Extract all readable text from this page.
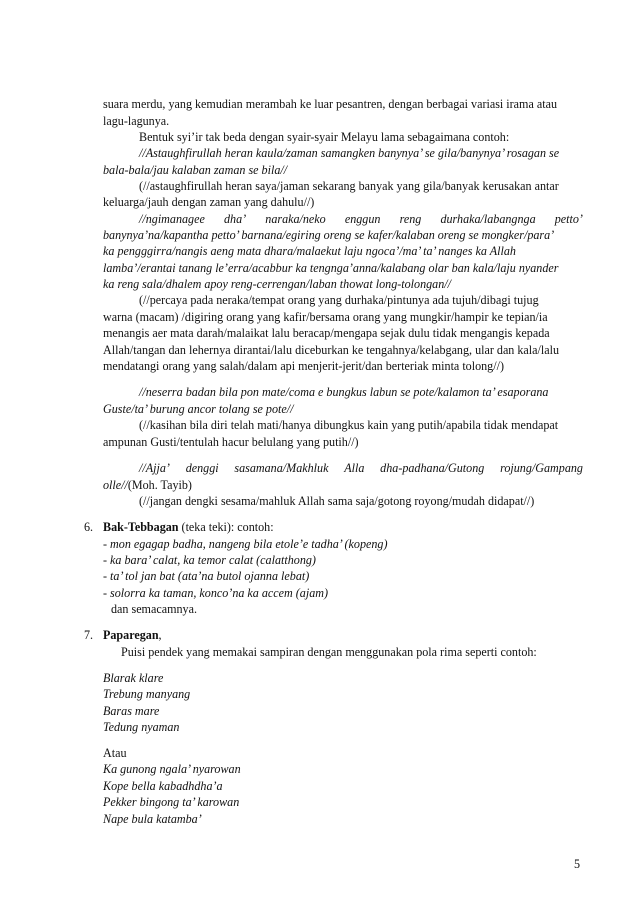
suara merdu, yang kemudian merambah ke luar pesantren, dengan berbagai variasi irama atau
lagu-lagunya.
Bentuk syi’ir tak beda dengan syair-syair Melayu lama sebagaimana contoh:
//Astaughfirullah heran kaula/zaman samangken banynya’ se gila/banynya’ rosagan se
bala-bala/jau kalaban zaman se bila//
(//astaughfirullah heran saya/jaman sekarang banyak yang gila/banyak kerusakan antar
keluarga/jauh dengan zaman yang dahulu//)
//ngimanagee dha’ naraka/neko enggun reng durhaka/labangnga petto’
banynya’na/kapantha petto’ barnana/egiring oreng se kafer/kalaban oreng se mongker/para’
ka pengggirra/nangis aeng mata dhara/malaekut laju ngoca’/ma’ ta’ nanges ka Allah
lamba’/erantai tanang le’erra/acabbur ka tengnga’anna/kalabang olar ban kala/laju nyander
ka reng sala/dhalem apoy reng-cerrengan/laban thowat long-tolongan//
(//percaya pada neraka/tempat orang yang durhaka/pintunya ada tujuh/dibagi tujug
warna (macam) /digiring orang yang kafir/bersama orang yang mungkir/hampir ke tepian/ia
menangis aer mata darah/malaikat lalu beracap/mengapa sejak dulu tidak mengangis kepada
Allah/tangan dan lehernya dirantai/lalu diceburkan ke tengahnya/kelabgang, ular dan kala/lalu
mendatangi orang yang salah/dalam api menjerit-jerit/dan berteriak minta tolong//)
//neserra badan bila pon mate/coma e bungkus labun se pote/kalamon ta’ esaporana
Guste/ta’ burung ancor tolang se pote//
(//kasihan bila diri telah mati/hanya dibungkus kain yang putih/apabila tidak mendapat
ampunan Gusti/tentulah hacur belulang yang putih//)
//Ajja’ denggi sasamana/Makhluk Alla dha-padhana/Gutong rojung/Gampang
olle//(Moh. Tayib)
(//jangan dengki sesama/mahluk Allah sama saja/gotong royong/mudah didapat//)
6. Bak-Tebbagan (teka teki): contoh:
- mon egagap badha, nangeng bila etole’e tadha’ (kopeng)
- ka bara’ calat, ka temor calat (calatthong)
- ta’ tol jan bat (ata’na butol ojanna lebat)
- solorra ka taman, konco’na ka accem (ajam)
dan semacamnya.
7. Paparegan,
Puisi pendek yang memakai sampiran dengan menggunakan pola rima seperti contoh:
Blarak klare
Trebung manyang
Baras mare
Tedung nyaman
Atau
Ka gunong ngala’ nyarowan
Kope bella kabadhdha’a
Pekker bingong ta’ karowan
Nape bula katamba’
5
